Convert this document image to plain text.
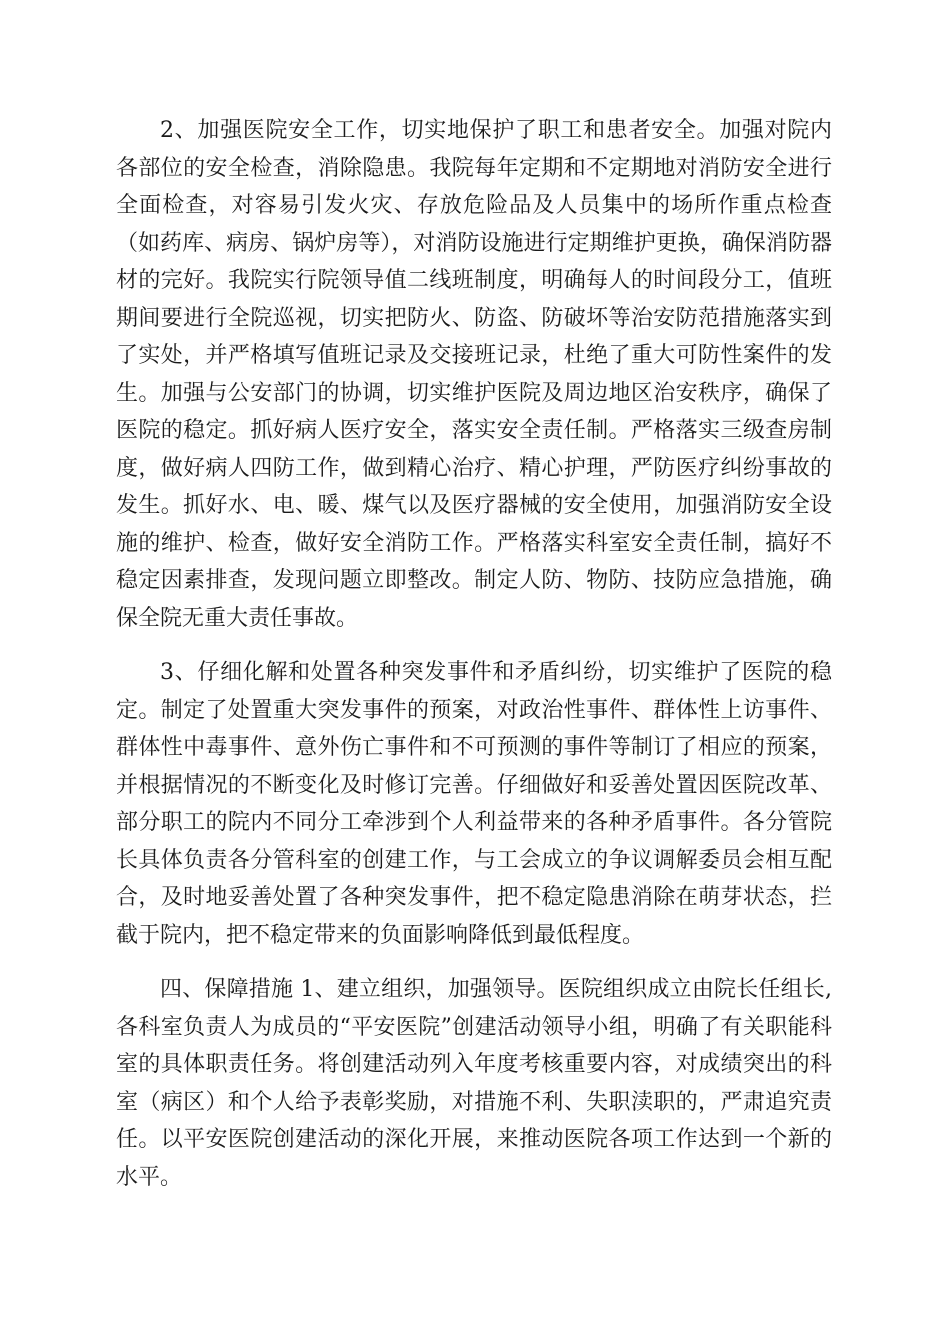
2、加强医院安全工作，切实地保护了职工和患者安全。加强对院内各部位的安全检查，消除隐患。我院每年定期和不定期地对消防安全进行全面检查，对容易引发火灾、存放危险品及人员集中的场所作重点检查（如药库、病房、锅炉房等），对消防设施进行定期维护更换，确保消防器材的完好。我院实行院领导值二线班制度，明确每人的时间段分工，值班期间要进行全院巡视，切实把防火、防盗、防破坏等治安防范措施落实到了实处，并严格填写值班记录及交接班记录，杜绝了重大可防性案件的发生。加强与公安部门的协调，切实维护医院及周边地区治安秩序，确保了医院的稳定。抓好病人医疗安全，落实安全责任制。严格落实三级查房制度，做好病人四防工作，做到精心治疗、精心护理，严防医疗纠纷事故的发生。抓好水、电、暖、煤气以及医疗器械的安全使用，加强消防安全设施的维护、检查，做好安全消防工作。严格落实科室安全责任制，搞好不稳定因素排查，发现问题立即整改。制定人防、物防、技防应急措施，确保全院无重大责任事故。

3、仔细化解和处置各种突发事件和矛盾纠纷，切实维护了医院的稳定。制定了处置重大突发事件的预案，对政治性事件、群体性上访事件、群体性中毒事件、意外伤亡事件和不可预测的事件等制订了相应的预案，并根据情况的不断变化及时修订完善。仔细做好和妥善处置因医院改革、部分职工的院内不同分工牵涉到个人利益带来的各种矛盾事件。各分管院长具体负责各分管科室的创建工作，与工会成立的争议调解委员会相互配合，及时地妥善处置了各种突发事件，把不稳定隐患消除在萌芽状态，拦截于院内，把不稳定带来的负面影响降低到最低程度。

四、保障措施 1、建立组织，加强领导。医院组织成立由院长任组长,各科室负责人为成员的“平安医院”创建活动领导小组，明确了有关职能科室的具体职责任务。将创建活动列入年度考核重要内容，对成绩突出的科室（病区）和个人给予表彰奖励，对措施不利、失职渎职的，严肃追究责任。以平安医院创建活动的深化开展，来推动医院各项工作达到一个新的水平。
